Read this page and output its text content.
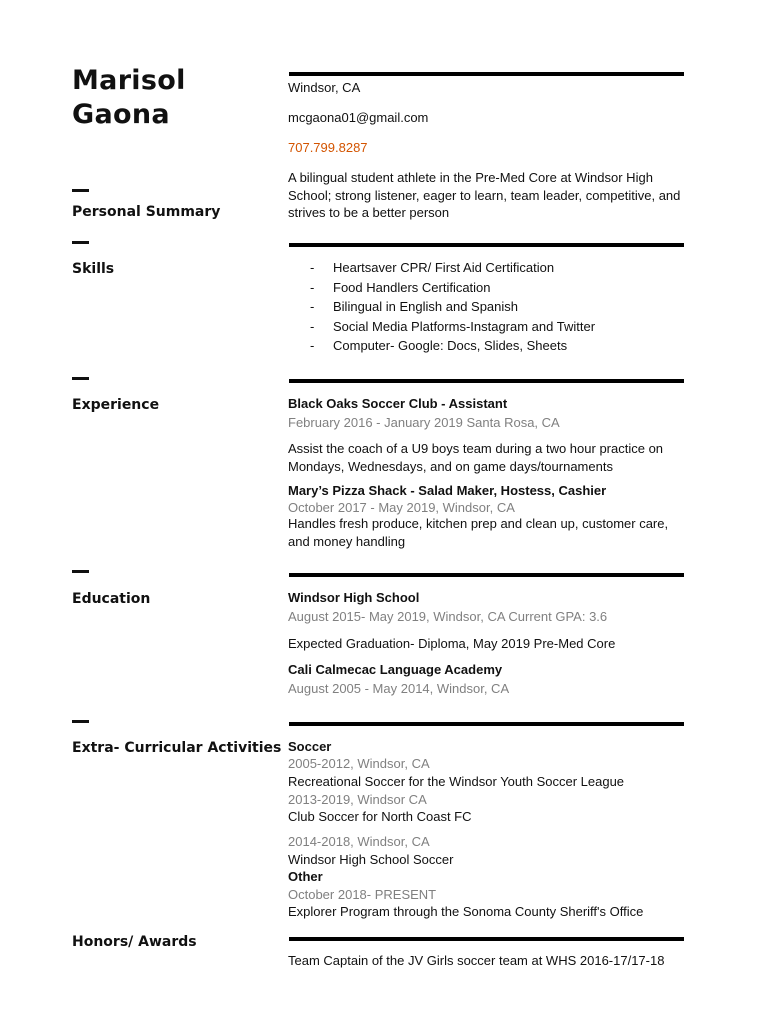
Marisol
Gaona
Windsor, CA
mcgaona01@gmail.com
707.799.8287
Personal Summary
A bilingual student athlete in the Pre-Med Core at Windsor High
School; strong listener, eager to learn, team leader, competitive, and
strives to be a better person
Skills	- Heartsaver CPR/ First Aid Certification
- Food Handlers Certification
- Bilingual in English and Spanish
- Social Media Platforms-Instagram and Twitter
- Computer- Google: Docs, Slides, Sheets
Experience	Black Oaks Soccer Club - Assistant
February 2016 - January 2019 Santa Rosa, CA
Assist the coach of a U9 boys team during a two hour practice on
Mondays, Wednesdays, and on game days/tournaments
Mary’s Pizza Shack - Salad Maker, Hostess, Cashier
October 2017 - May 2019, Windsor, CA
Handles fresh produce, kitchen prep and clean up, customer care,
and money handling
Education	Windsor High School
August 2015- May 2019, Windsor, CA Current GPA: 3.6
Expected Graduation- Diploma, May 2019 Pre-Med Core
Cali Calmecac Language Academy
August 2005 - May 2014, Windsor, CA
Extra- Curricular Activities Soccer
2005-2012, Windsor, CA
Recreational Soccer for the Windsor Youth Soccer League
2013-2019, Windsor CA
Club Soccer for North Coast FC
2014-2018, Windsor, CA
Windsor High School Soccer
Other
October 2018- PRESENT
Explorer Program through the Sonoma County Sheriff's Office
Honors/ Awards
Team Captain of the JV Girls soccer team at WHS 2016-17/17-18
